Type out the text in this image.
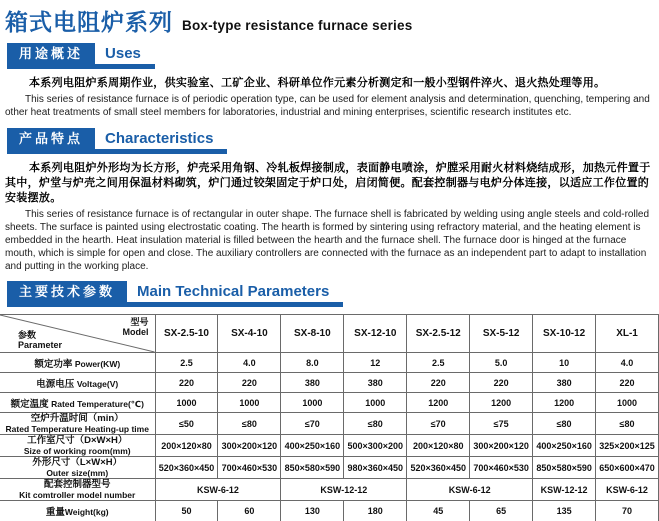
箱式电阻炉系列 Box-type resistance furnace series
用途概述	Uses

本系列电阻炉系周期作业，供实验室、工矿企业、科研单位作元素分析测定和一般小型钢件淬火、退火热处理等用。

This series of resistance furnace is of periodic operation type, can be used for element analysis and determination, quenching, tempering and other heat treatments of small steel members for laboratories, industrial and mining enterprises, scientific research institutes etc.

产品特点	Characteristics

本系列电阻炉外形均为长方形，炉壳采用角钢、冷轧板焊接制成，表面静电喷涂，炉膛采用耐火材料烧结成形，加热元件置于其中，炉堂与炉壳之间用保温材料砌筑，炉门通过铰架固定于炉口处，启闭简便。配套控制器与电炉分体连接，以适应工作位置的安装摆放。

This series of resistance furnace is of rectangular in outer shape. The furnace shell is fabricated by welding using angle steels and cold-rolled sheets. The surface is painted using electrostatic coating. The hearth is formed by sintering using refractory material, and the heating element is embedded in the hearth. Heat insulation material is filled between the hearth and the furnace shell. The furnace door is hinged at the furnace mouth, which is simple for open and close. The auxiliary controllers are connected with the furnace as an independent part to adapt to installation and putting in the working place.

主要技术参数	Main Technical Parameters
型号
Model
参数
Parameter	SX-2.5-10	SX-4-10	SX-8-10	SX-12-10	SX-2.5-12	SX-5-12	SX-10-12	XL-1
额定功率 Power(KW)	2.5	4.0	8.0	12	2.5	5.0	10	4.0
电源电压 Voltage(V)	220	220	380	380	220	220	380	220
额定温度 Rated Temperature(℃)	1000	1000	1000	1000	1200	1200	1200	1000
空炉升温时间（min）
Rated Temperature Heating-up time	≤50	≤80	≤70	≤80	≤70	≤75	≤80	≤80
工作室尺寸（D×W×H）
Size of working room(mm)	200×120×80	300×200×120	400×250×160	500×300×200	200×120×80	300×200×120	400×250×160	325×200×125
外形尺寸（L×W×H）
Outer size(mm)	520×360×450	700×460×530	850×580×590	980×360×450	520×360×450	700×460×530	850×580×590	650×600×470
配套控制器型号
Kit comtroller model number	KSW-6-12		KSW-12-12		KSW-6-12		KSW-12-12	KSW-6-12
重量Weight(kg)	50	60	130	180	45	65	135	70
